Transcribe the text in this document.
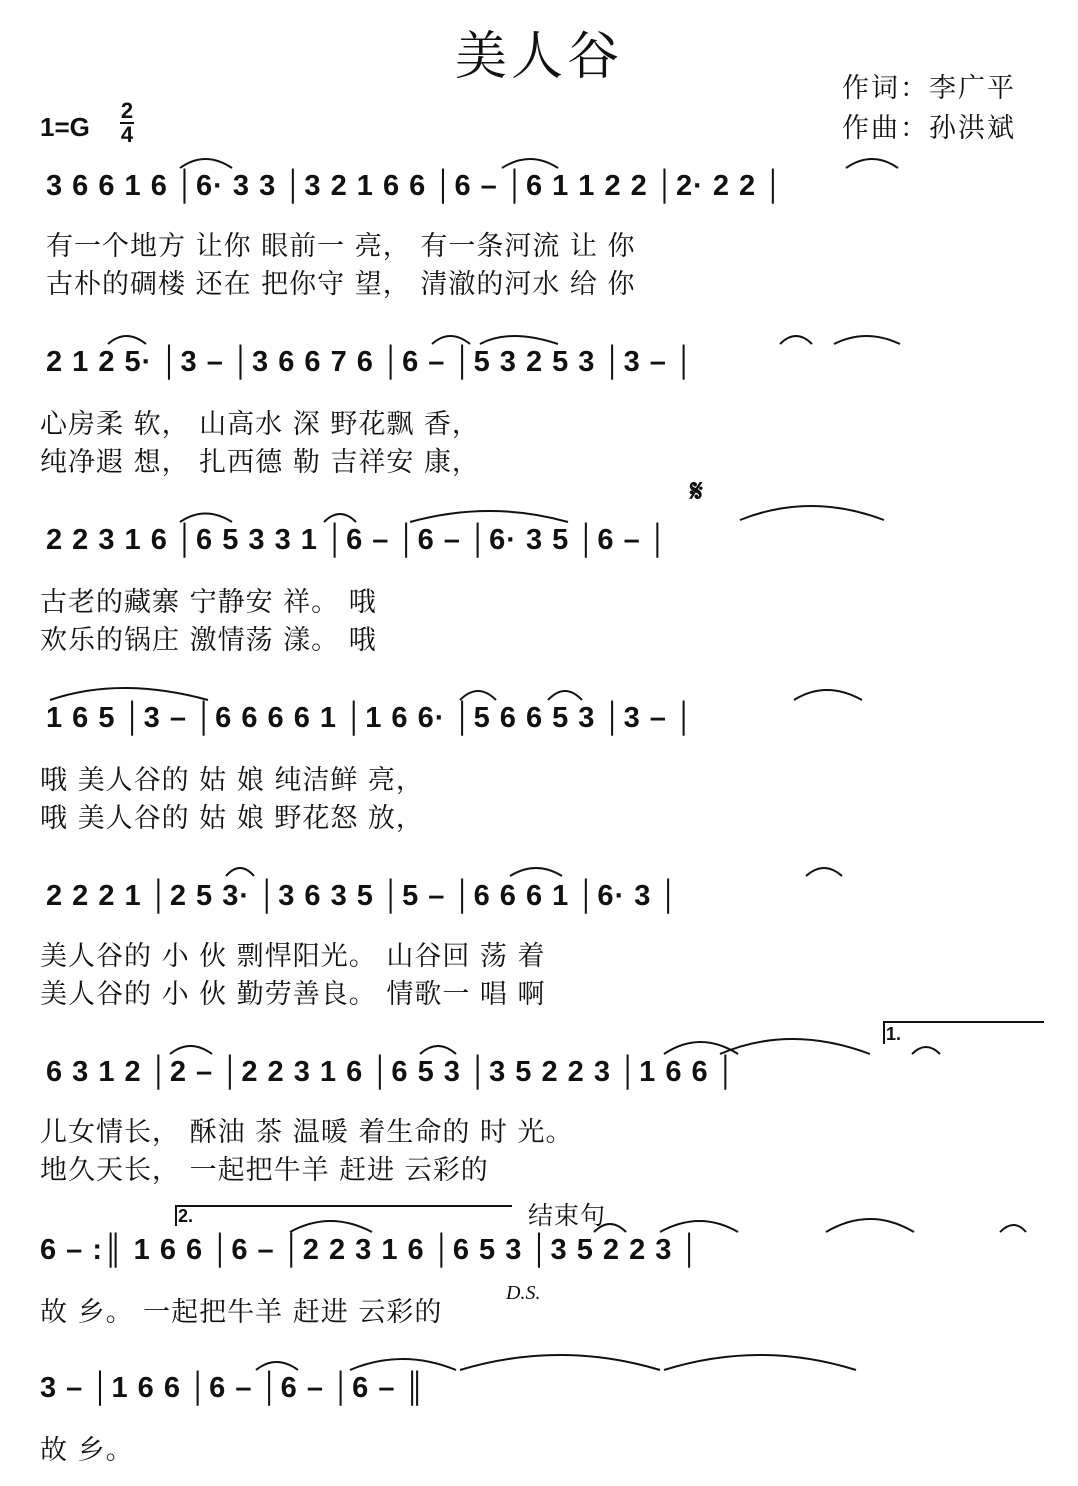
美人谷
作词：李广平
作曲：孙洪斌
1=G
2
4
3 6 6 1 6 │6· 3 3 │3 2 1 6 6 │6 – │6 1 1 2 2 │2· 2 2 │
有一个地方 让你 眼前一 亮， 有一条河流 让 你
古朴的碉楼 还在 把你守 望， 清澈的河水 给 你
2 1 2 5· │3 – │3 6 6 7 6 │6 – │5 3 2 5 3 │3 – │
心房柔 软， 山高水 深 野花飘 香，
纯净遐 想， 扎西德 勒 吉祥安 康，
𝄋
2 2 3 1 6 │6 5 3 3 1 │6 – │6 – │6· 3 5 │6 – │
古老的藏寨 宁静安 祥。 哦
欢乐的锅庄 激情荡 漾。 哦
1 6 5 │3 – │6 6 6 6 1 │1 6 6· │5 6 6 5 3 │3 – │
哦 美人谷的 姑 娘 纯洁鲜 亮，
哦 美人谷的 姑 娘 野花怒 放，
2 2 2 1 │2 5 3· │3 6 3 5 │5 – │6 6 6 1 │6· 3 │
美人谷的 小 伙 剽悍阳光。 山谷回 荡 着
美人谷的 小 伙 勤劳善良。 情歌一 唱 啊
1.
6 3 1 2 │2 – │2 2 3 1 6 │6 5 3 │3 5 2 2 3 │1 6 6 │
儿女情长， 酥油 茶 温暖 着生命的 时 光。
地久天长， 一起把牛羊 赶进 云彩的
2.	结束句
6 – :║ 1 6 6 │6 – │2 2 3 1 6 │6 5 3 │3 5 2 2 3 │
D.S.
故 乡。 一起把牛羊 赶进 云彩的
3 – │1 6 6 │6 – │6 – │6 – ║
故 乡。
